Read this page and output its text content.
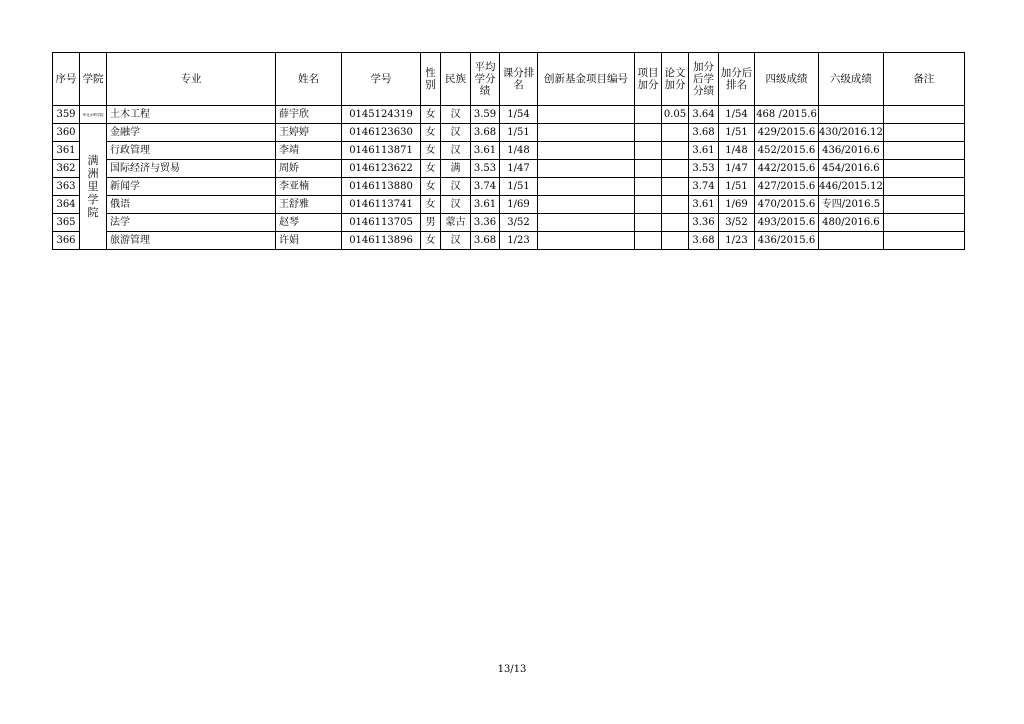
序号	学院	专业	姓名	学号	性别	民族	平均学分绩	课分排名	创新基金项目编号	项目加分	论文加分	加分后学分绩	加分后排名	四级成绩	六级成绩	备注
359	华北水利学院	土木工程	薛宇欣	0145124319	女	汉	3.59	1/54			0.05	3.64	1/54	468 /2015.6		
360	满洲里学院	金融学	王婷婷	0146123630	女	汉	3.68	1/51				3.68	1/51	429/2015.6	430/2016.12	
361		行政管理	李靖	0146113871	女	汉	3.61	1/48				3.61	1/48	452/2015.6	436/2016.6	
362		国际经济与贸易	周娇	0146123622	女	满	3.53	1/47				3.53	1/47	442/2015.6	454/2016.6	
363		新闻学	李亚楠	0146113880	女	汉	3.74	1/51				3.74	1/51	427/2015.6	446/2015.12	
364		俄语	王舒雅	0146113741	女	汉	3.61	1/69				3.61	1/69	470/2015.6	专四/2016.5	
365		法学	赵琴	0146113705	男	蒙古	3.36	3/52				3.36	3/52	493/2015.6	480/2016.6	
366		旅游管理	许娟	0146113896	女	汉	3.68	1/23				3.68	1/23	436/2015.6		
13/13
